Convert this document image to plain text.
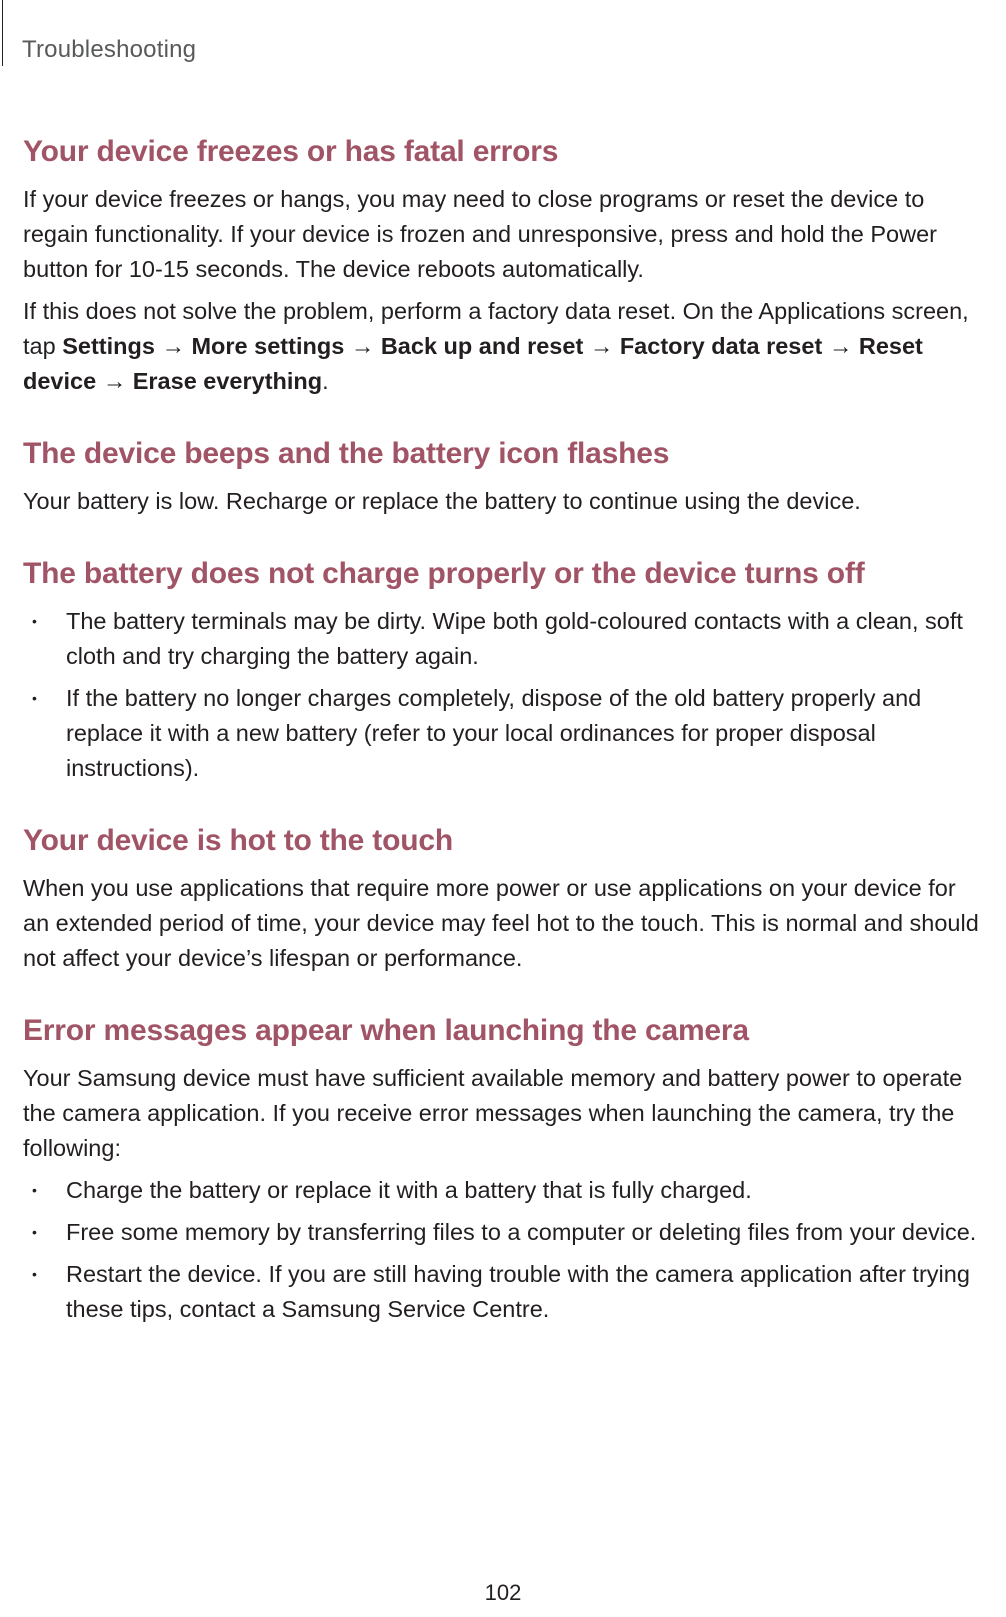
Troubleshooting
Your device freezes or has fatal errors

If your device freezes or hangs, you may need to close programs or reset the device to regain functionality. If your device is frozen and unresponsive, press and hold the Power button for 10-15 seconds. The device reboots automatically.

If this does not solve the problem, perform a factory data reset. On the Applications screen, tap Settings → More settings → Back up and reset → Factory data reset → Reset device → Erase everything.

The device beeps and the battery icon flashes

Your battery is low. Recharge or replace the battery to continue using the device.

The battery does not charge properly or the device turns off
• The battery terminals may be dirty. Wipe both gold-coloured contacts with a clean, soft cloth and try charging the battery again.
• If the battery no longer charges completely, dispose of the old battery properly and replace it with a new battery (refer to your local ordinances for proper disposal instructions).
Your device is hot to the touch

When you use applications that require more power or use applications on your device for an extended period of time, your device may feel hot to the touch. This is normal and should not affect your device’s lifespan or performance.

Error messages appear when launching the camera

Your Samsung device must have sufficient available memory and battery power to operate the camera application. If you receive error messages when launching the camera, try the following:

• Charge the battery or replace it with a battery that is fully charged.
• Free some memory by transferring files to a computer or deleting files from your device.
• Restart the device. If you are still having trouble with the camera application after trying these tips, contact a Samsung Service Centre.
102
